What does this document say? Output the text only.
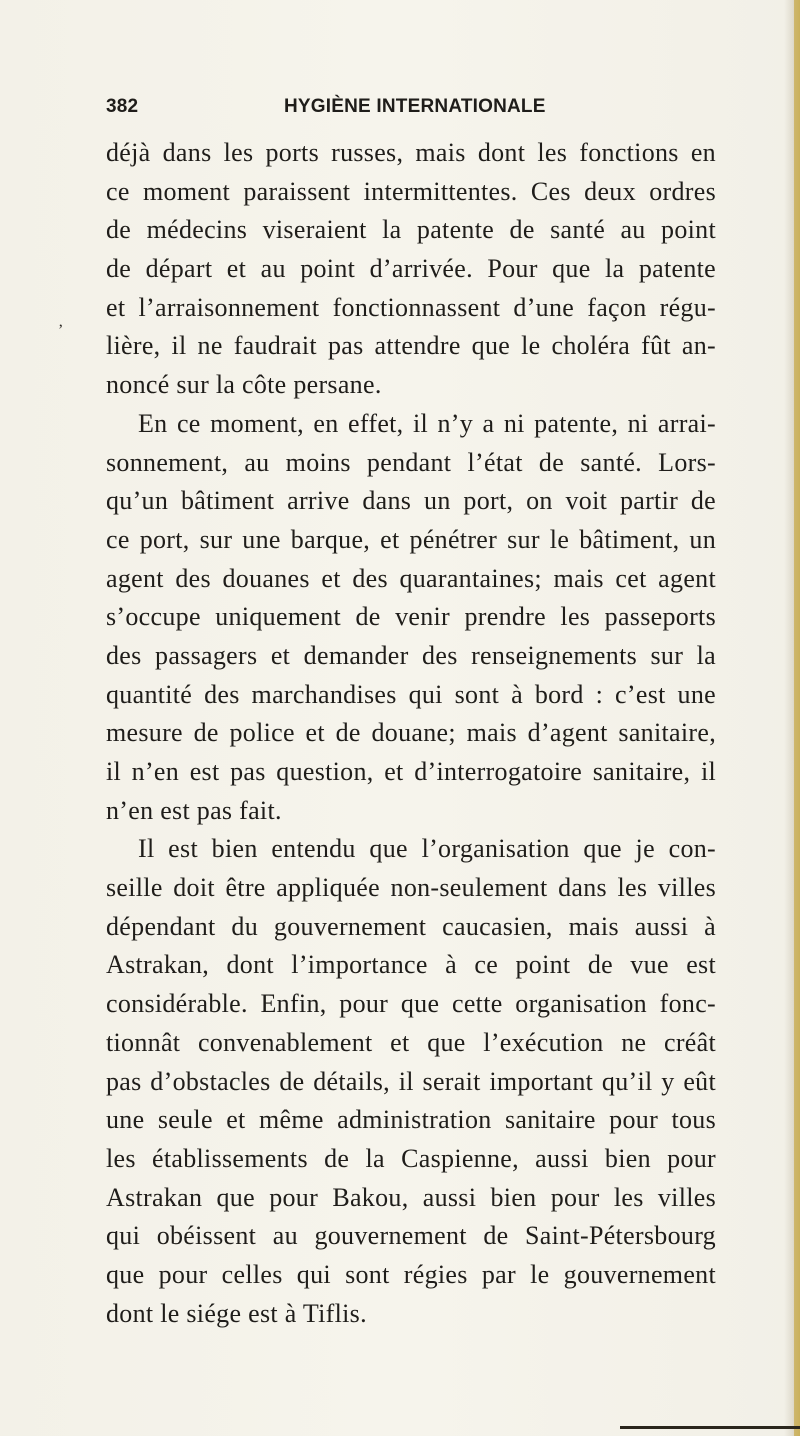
382	HYGIÈNE INTERNATIONALE
ʼ
déjà dans les ports russes, mais dont les fonctions en
ce moment paraissent intermittentes. Ces deux ordres
de médecins viseraient la patente de santé au point
de départ et au point d’arrivée. Pour que la patente
et l’arraisonnement fonctionnassent d’une façon régu-
lière, il ne faudrait pas attendre que le choléra fût an-
noncé sur la côte persane.
En ce moment, en effet, il n’y a ni patente, ni arrai-
sonnement, au moins pendant l’état de santé. Lors-
qu’un bâtiment arrive dans un port, on voit partir de
ce port, sur une barque, et pénétrer sur le bâtiment, un
agent des douanes et des quarantaines; mais cet agent
s’occupe uniquement de venir prendre les passeports
des passagers et demander des renseignements sur la
quantité des marchandises qui sont à bord : c’est une
mesure de police et de douane; mais d’agent sanitaire,
il n’en est pas question, et d’interrogatoire sanitaire, il
n’en est pas fait.
Il est bien entendu que l’organisation que je con-
seille doit être appliquée non-seulement dans les villes
dépendant du gouvernement caucasien, mais aussi à
Astrakan, dont l’importance à ce point de vue est
considérable. Enfin, pour que cette organisation fonc-
tionnât convenablement et que l’exécution ne créât
pas d’obstacles de détails, il serait important qu’il y eût
une seule et même administration sanitaire pour tous
les établissements de la Caspienne, aussi bien pour
Astrakan que pour Bakou, aussi bien pour les villes
qui obéissent au gouvernement de Saint-Pétersbourg
que pour celles qui sont régies par le gouvernement
dont le siége est à Tiflis.
